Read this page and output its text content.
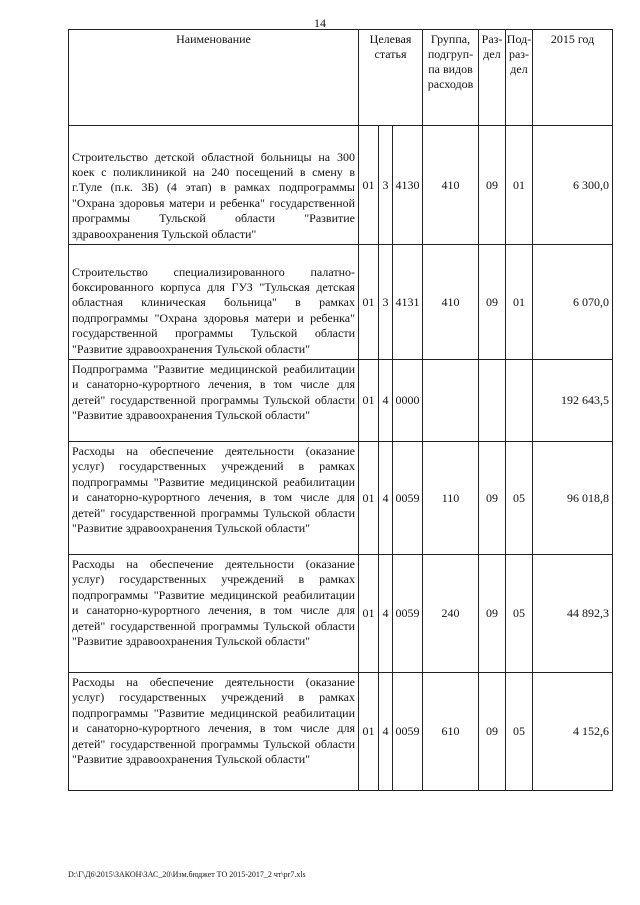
14
Наименование	Целевая статья			Группа, подгруп-па видов расходов	Раз-дел	Под-раз-дел	2015 год
Строительство детской областной больницы на 300 коек с поликлиникой на 240 посещений в смену в г.Туле (п.к. 3Б) (4 этап) в рамках подпрограммы "Охрана здоровья матери и ребенка" государственной программы Тульской области "Развитие здравоохранения Тульской области"	01	3	4130	410	09	01	6 300,0
Строительство специализированного палатно-боксированного корпуса для ГУЗ "Тульская детская областная клиническая больница" в рамках подпрограммы "Охрана здоровья матери и ребенка" государственной программы Тульской области "Развитие здравоохранения Тульской области"	01	3	4131	410	09	01	6 070,0
Подпрограмма "Развитие медицинской реабилитации и санаторно-курортного лечения, в том числе для детей" государственной программы Тульской области "Развитие здравоохранения Тульской области"	01	4	0000				192 643,5
Расходы на обеспечение деятельности (оказание услуг) государственных учреждений в рамках подпрограммы "Развитие медицинской реабилитации и санаторно-курортного лечения, в том числе для детей" государственной программы Тульской области "Развитие здравоохранения Тульской области"	01	4	0059	110	09	05	96 018,8
Расходы на обеспечение деятельности (оказание услуг) государственных учреждений в рамках подпрограммы "Развитие медицинской реабилитации и санаторно-курортного лечения, в том числе для детей" государственной программы Тульской области "Развитие здравоохранения Тульской области"	01	4	0059	240	09	05	44 892,3
Расходы на обеспечение деятельности (оказание услуг) государственных учреждений в рамках подпрограммы "Развитие медицинской реабилитации и санаторно-курортного лечения, в том числе для детей" государственной программы Тульской области "Развитие здравоохранения Тульской области"	01	4	0059	610	09	05	4 152,6
D:\Г\Д6\2015\ЗАКОН\ЗАС_20\Изм.бюджет ТО 2015-2017_2 чт\pr7.xls
